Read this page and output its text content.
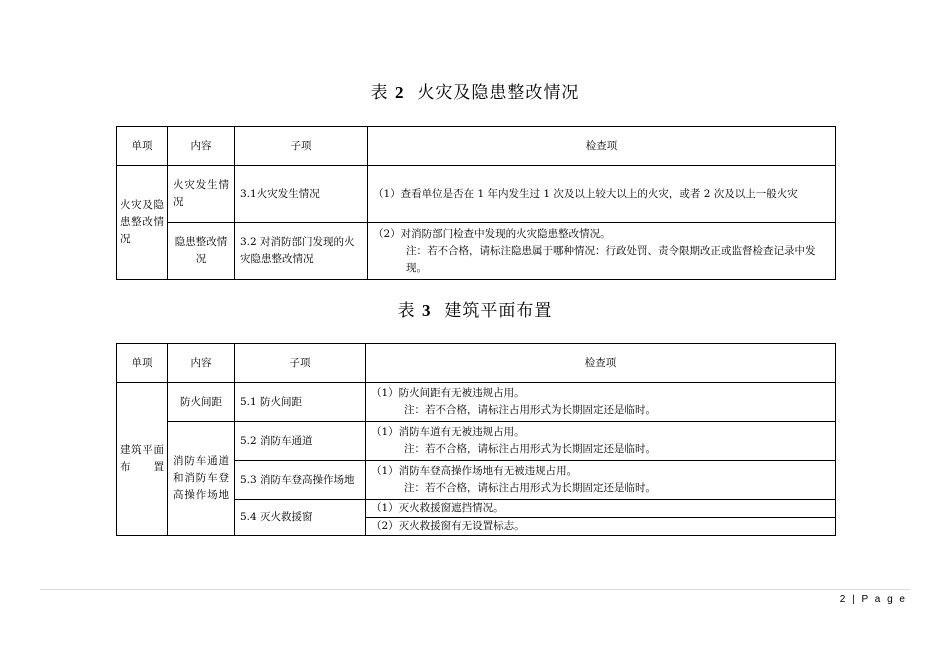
表 2 火灾及隐患整改情况
单项	内容	子项	检查项
火灾及隐患整改情况	火灾发生情况	3.1火灾发生情况	（1）查看单位是否在 1 年内发生过 1 次及以上较大以上的火灾，或者 2 次及以上一般火灾
	隐患整改情况	3.2 对消防部门发现的火灾隐患整改情况	（2）对消防部门检查中发现的火灾隐患整改情况。
注：若不合格，请标注隐患属于哪种情况：行政处罚、责令限期改正或监督检查记录中发现。
表 3 建筑平面布置
单项	内容	子项	检查项
建筑平面布置	防火间距	5.1 防火间距	（1）防火间距有无被违规占用。
注：若不合格，请标注占用形式为长期固定还是临时。

	消防车通道和消防车登高操作场地	5.2 消防车通道	（1）消防车道有无被违规占用。
注：若不合格，请标注占用形式为长期固定还是临时。

		5.3 消防车登高操作场地	（1）消防车登高操作场地有无被违规占用。
注：若不合格，请标注占用形式为长期固定还是临时。

		5.4 灭火救援窗	（1）灭火救援窗遮挡情况。
			（2）灭火救援窗有无设置标志。
2 | P a g e
